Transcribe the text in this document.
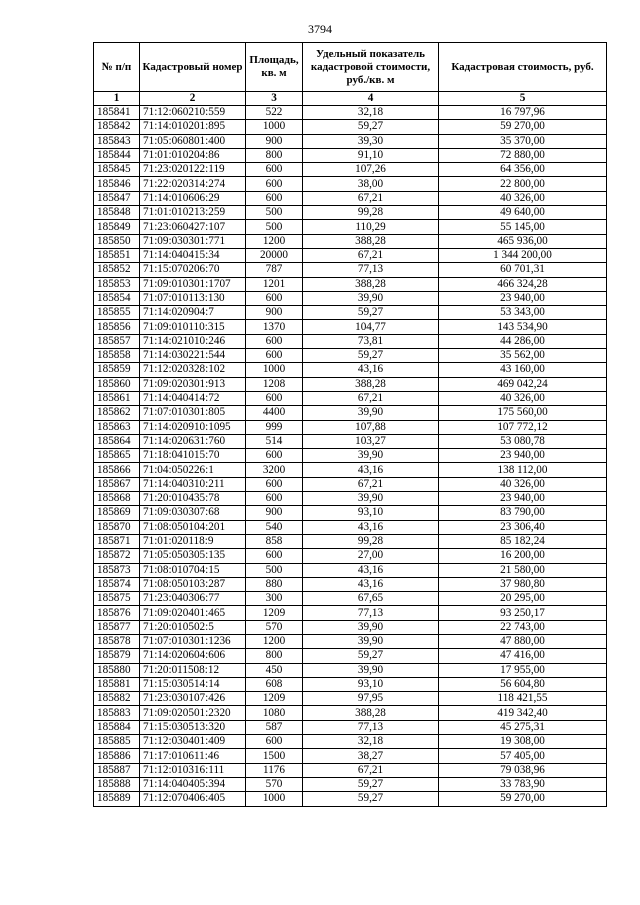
3794
№ п/п	Кадастровый номер	Площадь, кв. м	Удельный показатель кадастровой стоимости, руб./кв. м	Кадастровая стоимость, руб.
1	2	3	4	5
185841	71:12:060210:559	522	32,18	16 797,96
185842	71:14:010201:895	1000	59,27	59 270,00
185843	71:05:060801:400	900	39,30	35 370,00
185844	71:01:010204:86	800	91,10	72 880,00
185845	71:23:020122:119	600	107,26	64 356,00
185846	71:22:020314:274	600	38,00	22 800,00
185847	71:14:010606:29	600	67,21	40 326,00
185848	71:01:010213:259	500	99,28	49 640,00
185849	71:23:060427:107	500	110,29	55 145,00
185850	71:09:030301:771	1200	388,28	465 936,00
185851	71:14:040415:34	20000	67,21	1 344 200,00
185852	71:15:070206:70	787	77,13	60 701,31
185853	71:09:010301:1707	1201	388,28	466 324,28
185854	71:07:010113:130	600	39,90	23 940,00
185855	71:14:020904:7	900	59,27	53 343,00
185856	71:09:010110:315	1370	104,77	143 534,90
185857	71:14:021010:246	600	73,81	44 286,00
185858	71:14:030221:544	600	59,27	35 562,00
185859	71:12:020328:102	1000	43,16	43 160,00
185860	71:09:020301:913	1208	388,28	469 042,24
185861	71:14:040414:72	600	67,21	40 326,00
185862	71:07:010301:805	4400	39,90	175 560,00
185863	71:14:020910:1095	999	107,88	107 772,12
185864	71:14:020631:760	514	103,27	53 080,78
185865	71:18:041015:70	600	39,90	23 940,00
185866	71:04:050226:1	3200	43,16	138 112,00
185867	71:14:040310:211	600	67,21	40 326,00
185868	71:20:010435:78	600	39,90	23 940,00
185869	71:09:030307:68	900	93,10	83 790,00
185870	71:08:050104:201	540	43,16	23 306,40
185871	71:01:020118:9	858	99,28	85 182,24
185872	71:05:050305:135	600	27,00	16 200,00
185873	71:08:010704:15	500	43,16	21 580,00
185874	71:08:050103:287	880	43,16	37 980,80
185875	71:23:040306:77	300	67,65	20 295,00
185876	71:09:020401:465	1209	77,13	93 250,17
185877	71:20:010502:5	570	39,90	22 743,00
185878	71:07:010301:1236	1200	39,90	47 880,00
185879	71:14:020604:606	800	59,27	47 416,00
185880	71:20:011508:12	450	39,90	17 955,00
185881	71:15:030514:14	608	93,10	56 604,80
185882	71:23:030107:426	1209	97,95	118 421,55
185883	71:09:020501:2320	1080	388,28	419 342,40
185884	71:15:030513:320	587	77,13	45 275,31
185885	71:12:030401:409	600	32,18	19 308,00
185886	71:17:010611:46	1500	38,27	57 405,00
185887	71:12:010316:111	1176	67,21	79 038,96
185888	71:14:040405:394	570	59,27	33 783,90
185889	71:12:070406:405	1000	59,27	59 270,00
